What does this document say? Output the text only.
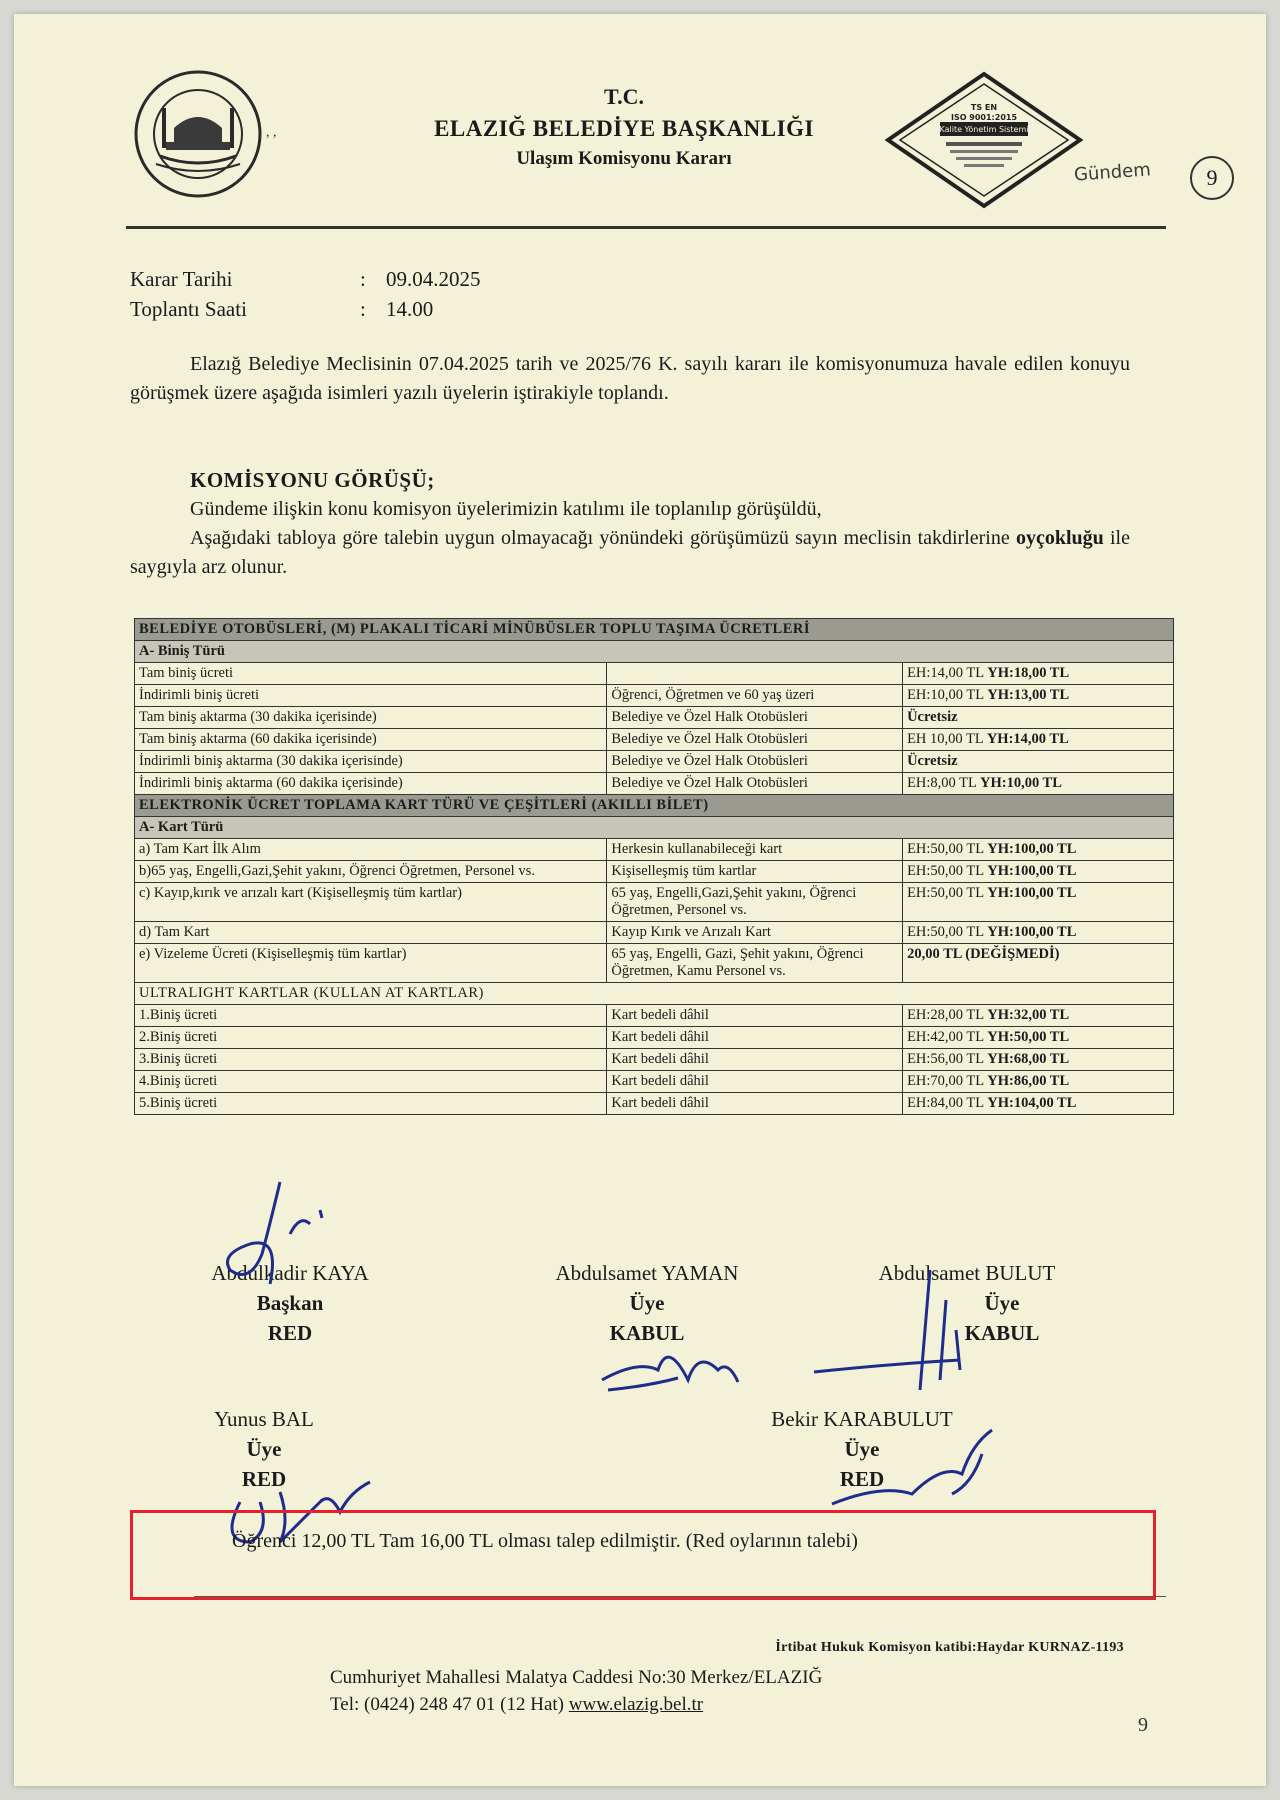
, ,
T.C.
ELAZIĞ BELEDİYE BAŞKANLIĞI
Ulaşım Komisyonu Kararı
TS EN
ISO 9001:2015
Kalite Yönetim Sistemi
Gündem	9
Karar Tarihi	: 09.04.2025
Toplantı Saati	: 14.00
Elazığ Belediye Meclisinin 07.04.2025 tarih ve 2025/76 K. sayılı kararı ile komisyonumuza havale edilen konuyu görüşmek üzere aşağıda isimleri yazılı üyelerin iştirakiyle toplandı.
KOMİSYONU GÖRÜŞÜ;

Gündeme ilişkin konu komisyon üyelerimizin katılımı ile toplanılıp görüşüldü,

Aşağıdaki tabloya göre talebin uygun olmayacağı yönündeki görüşümüzü sayın meclisin takdirlerine oyçokluğu ile saygıyla arz olunur.

BELEDİYE OTOBÜSLERİ, (M) PLAKALI TİCARİ MİNÜBÜSLER TOPLU TAŞIMA ÜCRETLERİ		
A- Biniş Türü		
Tam biniş ücreti		EH:14,00 TL YH:18,00 TL
İndirimli biniş ücreti	Öğrenci, Öğretmen ve 60 yaş üzeri	EH:10,00 TL YH:13,00 TL
Tam biniş aktarma (30 dakika içerisinde)	Belediye ve Özel Halk Otobüsleri	Ücretsiz
Tam biniş aktarma (60 dakika içerisinde)	Belediye ve Özel Halk Otobüsleri	EH 10,00 TL YH:14,00 TL
İndirimli biniş aktarma (30 dakika içerisinde)	Belediye ve Özel Halk Otobüsleri	Ücretsiz
İndirimli biniş aktarma (60 dakika içerisinde)	Belediye ve Özel Halk Otobüsleri	EH:8,00 TL YH:10,00 TL
ELEKTRONİK ÜCRET TOPLAMA KART TÜRÜ VE ÇEŞİTLERİ (AKILLI BİLET)		
A- Kart Türü		
a) Tam Kart İlk Alım	Herkesin kullanabileceği kart	EH:50,00 TL YH:100,00 TL
b)65 yaş, Engelli,Gazi,Şehit yakını, Öğrenci Öğretmen, Personel vs.	Kişiselleşmiş tüm kartlar	EH:50,00 TL YH:100,00 TL
c) Kayıp,kırık ve arızalı kart (Kişiselleşmiş tüm kartlar)	65 yaş, Engelli,Gazi,Şehit yakını, Öğrenci Öğretmen, Personel vs.	EH:50,00 TL YH:100,00 TL
d) Tam Kart	Kayıp Kırık ve Arızalı Kart	EH:50,00 TL YH:100,00 TL
e) Vizeleme Ücreti (Kişiselleşmiş tüm kartlar)	65 yaş, Engelli, Gazi, Şehit yakını, Öğrenci Öğretmen, Kamu Personel vs.	20,00 TL (DEĞİŞMEDİ)
ULTRALIGHT KARTLAR (KULLAN AT KARTLAR)		
1.Biniş ücreti	Kart bedeli dâhil	EH:28,00 TL YH:32,00 TL
2.Biniş ücreti	Kart bedeli dâhil	EH:42,00 TL YH:50,00 TL
3.Biniş ücreti	Kart bedeli dâhil	EH:56,00 TL YH:68,00 TL
4.Biniş ücreti	Kart bedeli dâhil	EH:70,00 TL YH:86,00 TL
5.Biniş ücreti	Kart bedeli dâhil	EH:84,00 TL YH:104,00 TL
Abdulkadir KAYA
Başkan
RED
Abdulsamet YAMAN
Üye
KABUL
Abdulsamet BULUT
Üye
KABUL
Yunus BAL
Üye
RED
Bekir KARABULUT
Üye
RED
Öğrenci 12,00 TL Tam 16,00 TL olması talep edilmiştir. (Red oylarının talebi)
İrtibat Hukuk Komisyon katibi:Haydar KURNAZ-1193
Cumhuriyet Mahallesi Malatya Caddesi No:30 Merkez/ELAZIĞ
Tel: (0424) 248 47 01 (12 Hat) www.elazig.bel.tr
9
